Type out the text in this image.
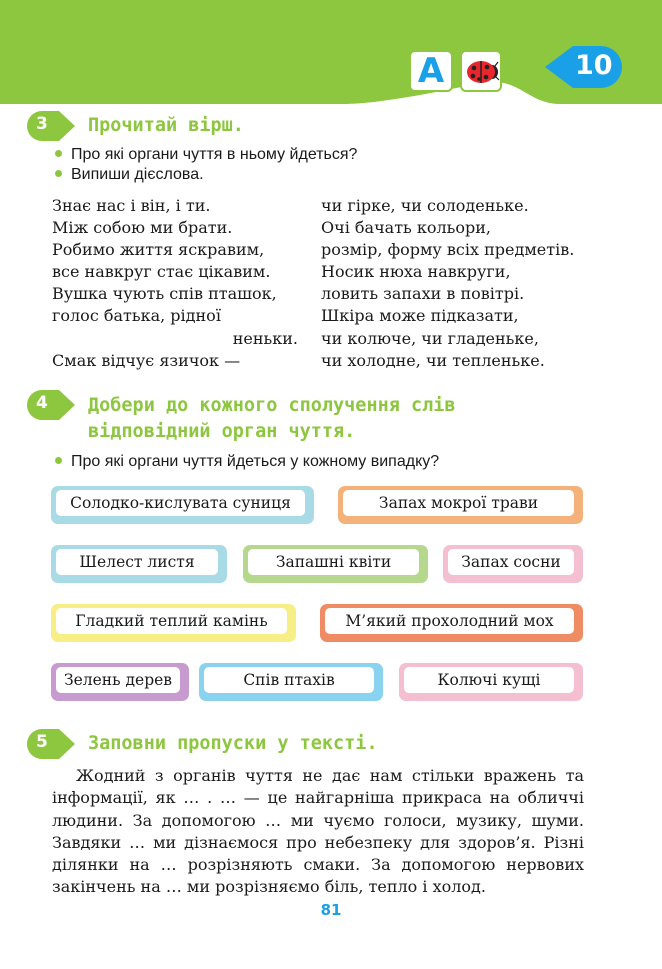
A	10
3 Прочитай вірш.
Про які органи чуття в ньому йдеться?
Випиши дієслова.
Знає нас і він, і ти.
Між собою ми брати.
Робимо життя яскравим,
все навкруг стає цікавим.
Вушка чують спів пташок,
голос батька, рідної
неньки.
Смак відчує язичок —
чи гірке, чи солоденьке.
Очі бачать кольори,
розмір, форму всіх предметів.
Носик нюха навкруги,
ловить запахи в повітрі.
Шкіра може підказати,
чи колюче, чи гладеньке,
чи холодне, чи тепленьке.
4 Добери до кожного сполучення слів
відповідний орган чуття.
Про які органи чуття йдеться у кожному випадку?
Солодко-кислувата суниця	Запах мокрої трави
Шелест листя	Запашні квіти	Запах сосни
Гладкий теплий камінь	М’який прохолодний мох
Зелень дерев	Спів птахів	Колючі кущі
5 Заповни пропуски у тексті.
Жодний з органів чуття не дає нам стільки вражень та інформації, як … . … — це найгарніша прикраса на обличчі людини. За допомогою … ми чуємо голоси, музику, шуми. Завдяки … ми дізнаємося про небезпеку для здоров’я. Різні ділянки на … розрізняють смаки. За допомогою нервових закінчень на … ми розрізняємо біль, тепло і холод.
81
